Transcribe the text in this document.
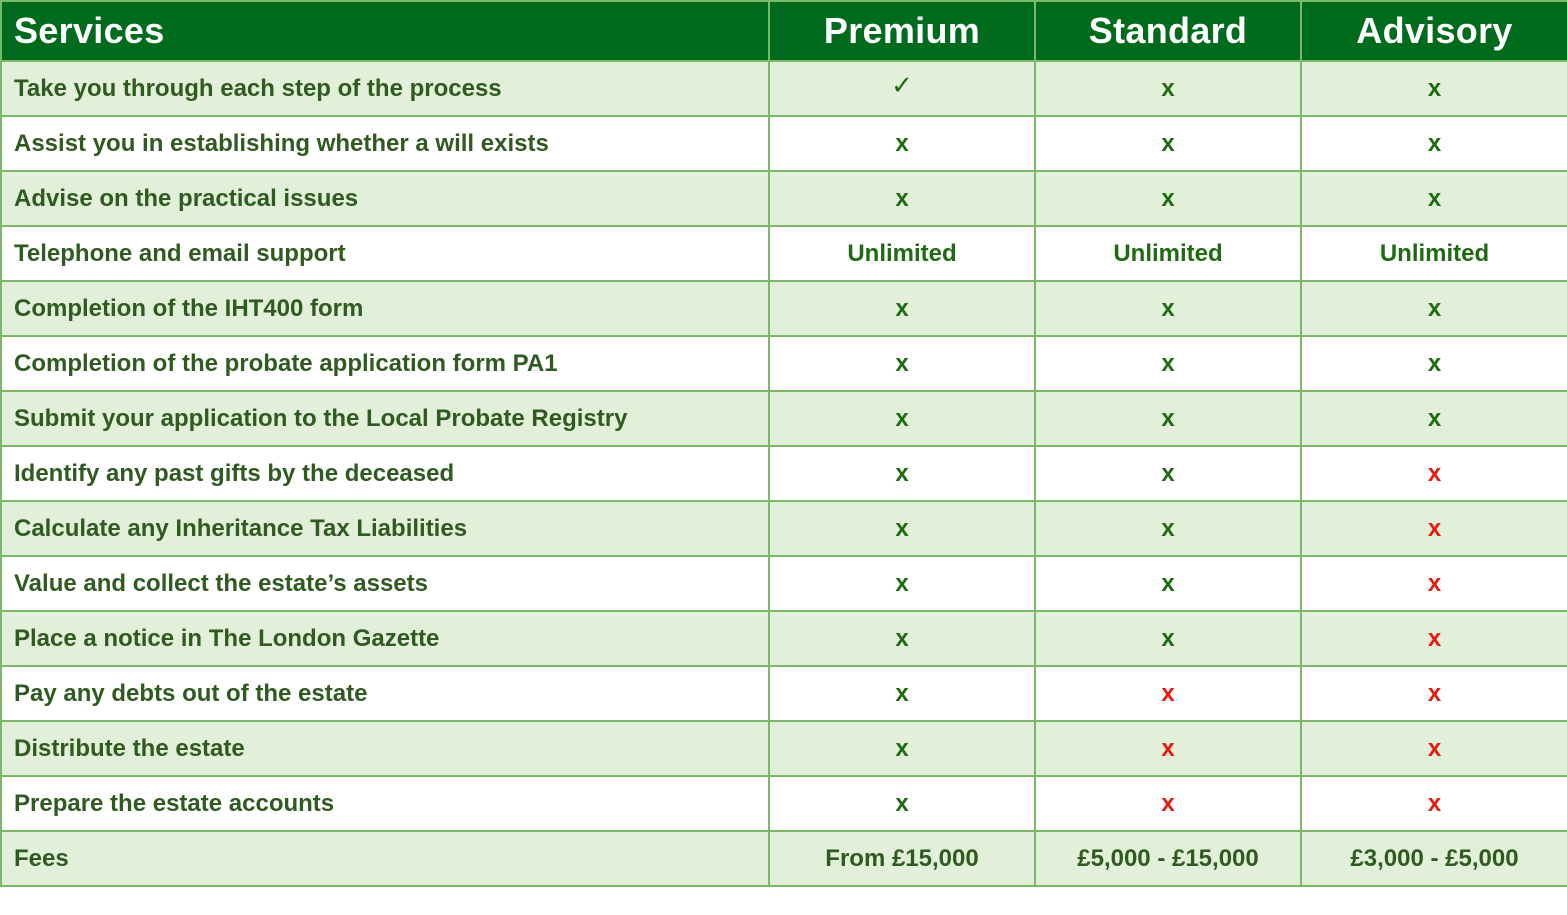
Services	Premium	Standard	Advisory
Take you through each step of the process	✓	x	x
Assist you in establishing whether a will exists	x	x	x
Advise on the practical issues	x	x	x
Telephone and email support	Unlimited	Unlimited	Unlimited
Completion of the IHT400 form	x	x	x
Completion of the probate application form PA1	x	x	x
Submit your application to the Local Probate Registry	x	x	x
Identify any past gifts by the deceased	x	x	x
Calculate any Inheritance Tax Liabilities	x	x	x
Value and collect the estate’s assets	x	x	x
Place a notice in The London Gazette	x	x	x
Pay any debts out of the estate	x	x	x
Distribute the estate	x	x	x
Prepare the estate accounts	x	x	x
Fees	From £15,000	£5,000 - £15,000	£3,000 - £5,000
